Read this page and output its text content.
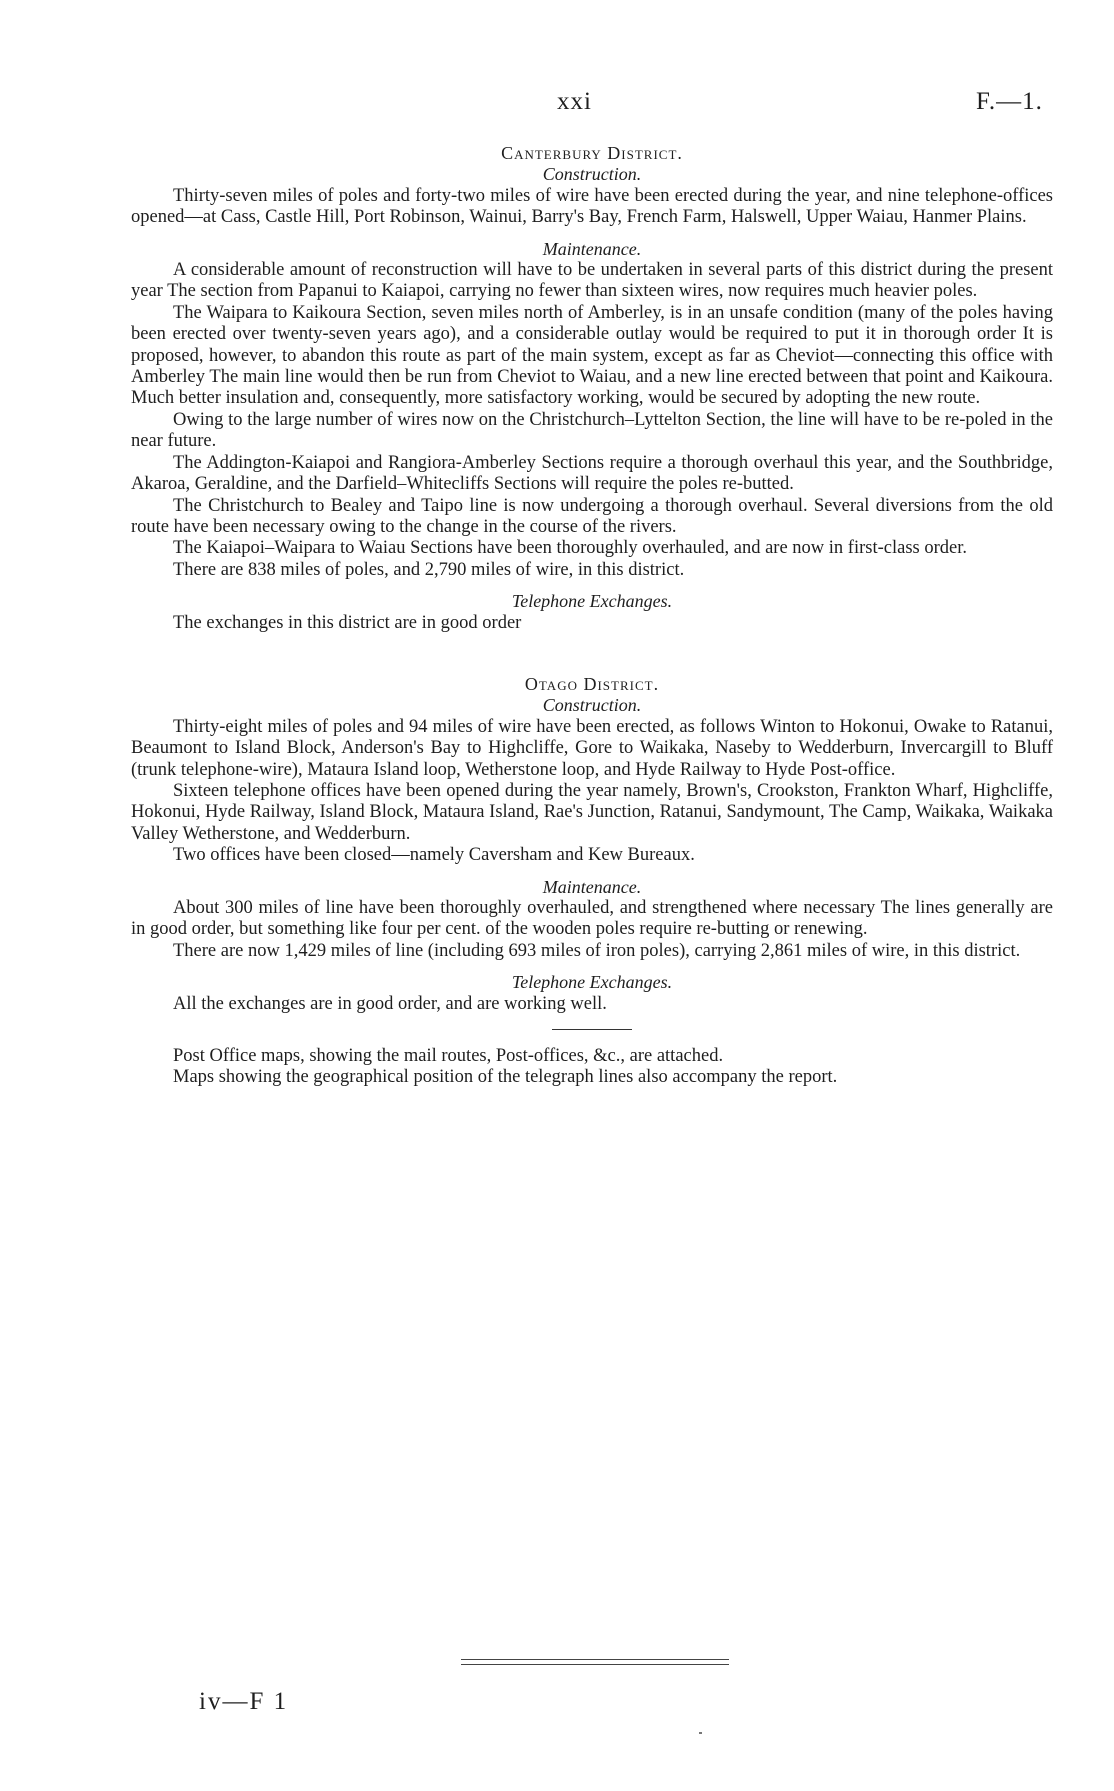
xxi	F.—1.
Canterbury District.
Construction.

Thirty-seven miles of poles and forty-two miles of wire have been erected during the year, and nine telephone-offices opened—at Cass, Castle Hill, Port Robinson, Wainui, Barry's Bay, French Farm, Halswell, Upper Waiau, Hanmer Plains.

Maintenance.

A considerable amount of reconstruction will have to be undertaken in several parts of this district during the present year The section from Papanui to Kaiapoi, carrying no fewer than sixteen wires, now requires much heavier poles.

The Waipara to Kaikoura Section, seven miles north of Amberley, is in an unsafe condition (many of the poles having been erected over twenty-seven years ago), and a considerable outlay would be required to put it in thorough order It is proposed, however, to abandon this route as part of the main system, except as far as Cheviot—connecting this office with Amberley The main line would then be run from Cheviot to Waiau, and a new line erected between that point and Kaikoura. Much better insulation and, consequently, more satisfactory working, would be secured by adopting the new route.

Owing to the large number of wires now on the Christchurch–Lyttelton Section, the line will have to be re-poled in the near future.

The Addington-Kaiapoi and Rangiora-Amberley Sections require a thorough overhaul this year, and the Southbridge, Akaroa, Geraldine, and the Darfield–Whitecliffs Sections will require the poles re-butted.

The Christchurch to Bealey and Taipo line is now undergoing a thorough overhaul. Several diversions from the old route have been necessary owing to the change in the course of the rivers.

The Kaiapoi–Waipara to Waiau Sections have been thoroughly overhauled, and are now in first-class order.

There are 838 miles of poles, and 2,790 miles of wire, in this district.

Telephone Exchanges.

The exchanges in this district are in good order

Otago District.
Construction.

Thirty-eight miles of poles and 94 miles of wire have been erected, as follows Winton to Hokonui, Owake to Ratanui, Beaumont to Island Block, Anderson's Bay to Highcliffe, Gore to Waikaka, Naseby to Wedderburn, Invercargill to Bluff (trunk telephone-wire), Mataura Island loop, Wetherstone loop, and Hyde Railway to Hyde Post-office.

Sixteen telephone offices have been opened during the year namely, Brown's, Crookston, Frankton Wharf, Highcliffe, Hokonui, Hyde Railway, Island Block, Mataura Island, Rae's Junction, Ratanui, Sandymount, The Camp, Waikaka, Waikaka Valley Wetherstone, and Wedderburn.

Two offices have been closed—namely Caversham and Kew Bureaux.

Maintenance.

About 300 miles of line have been thoroughly overhauled, and strengthened where necessary The lines generally are in good order, but something like four per cent. of the wooden poles require re-butting or renewing.

There are now 1,429 miles of line (including 693 miles of iron poles), carrying 2,861 miles of wire, in this district.

Telephone Exchanges.

All the exchanges are in good order, and are working well.

Post Office maps, showing the mail routes, Post-offices, &c., are attached.

Maps showing the geographical position of the telegraph lines also accompany the report.

iv—F 1
